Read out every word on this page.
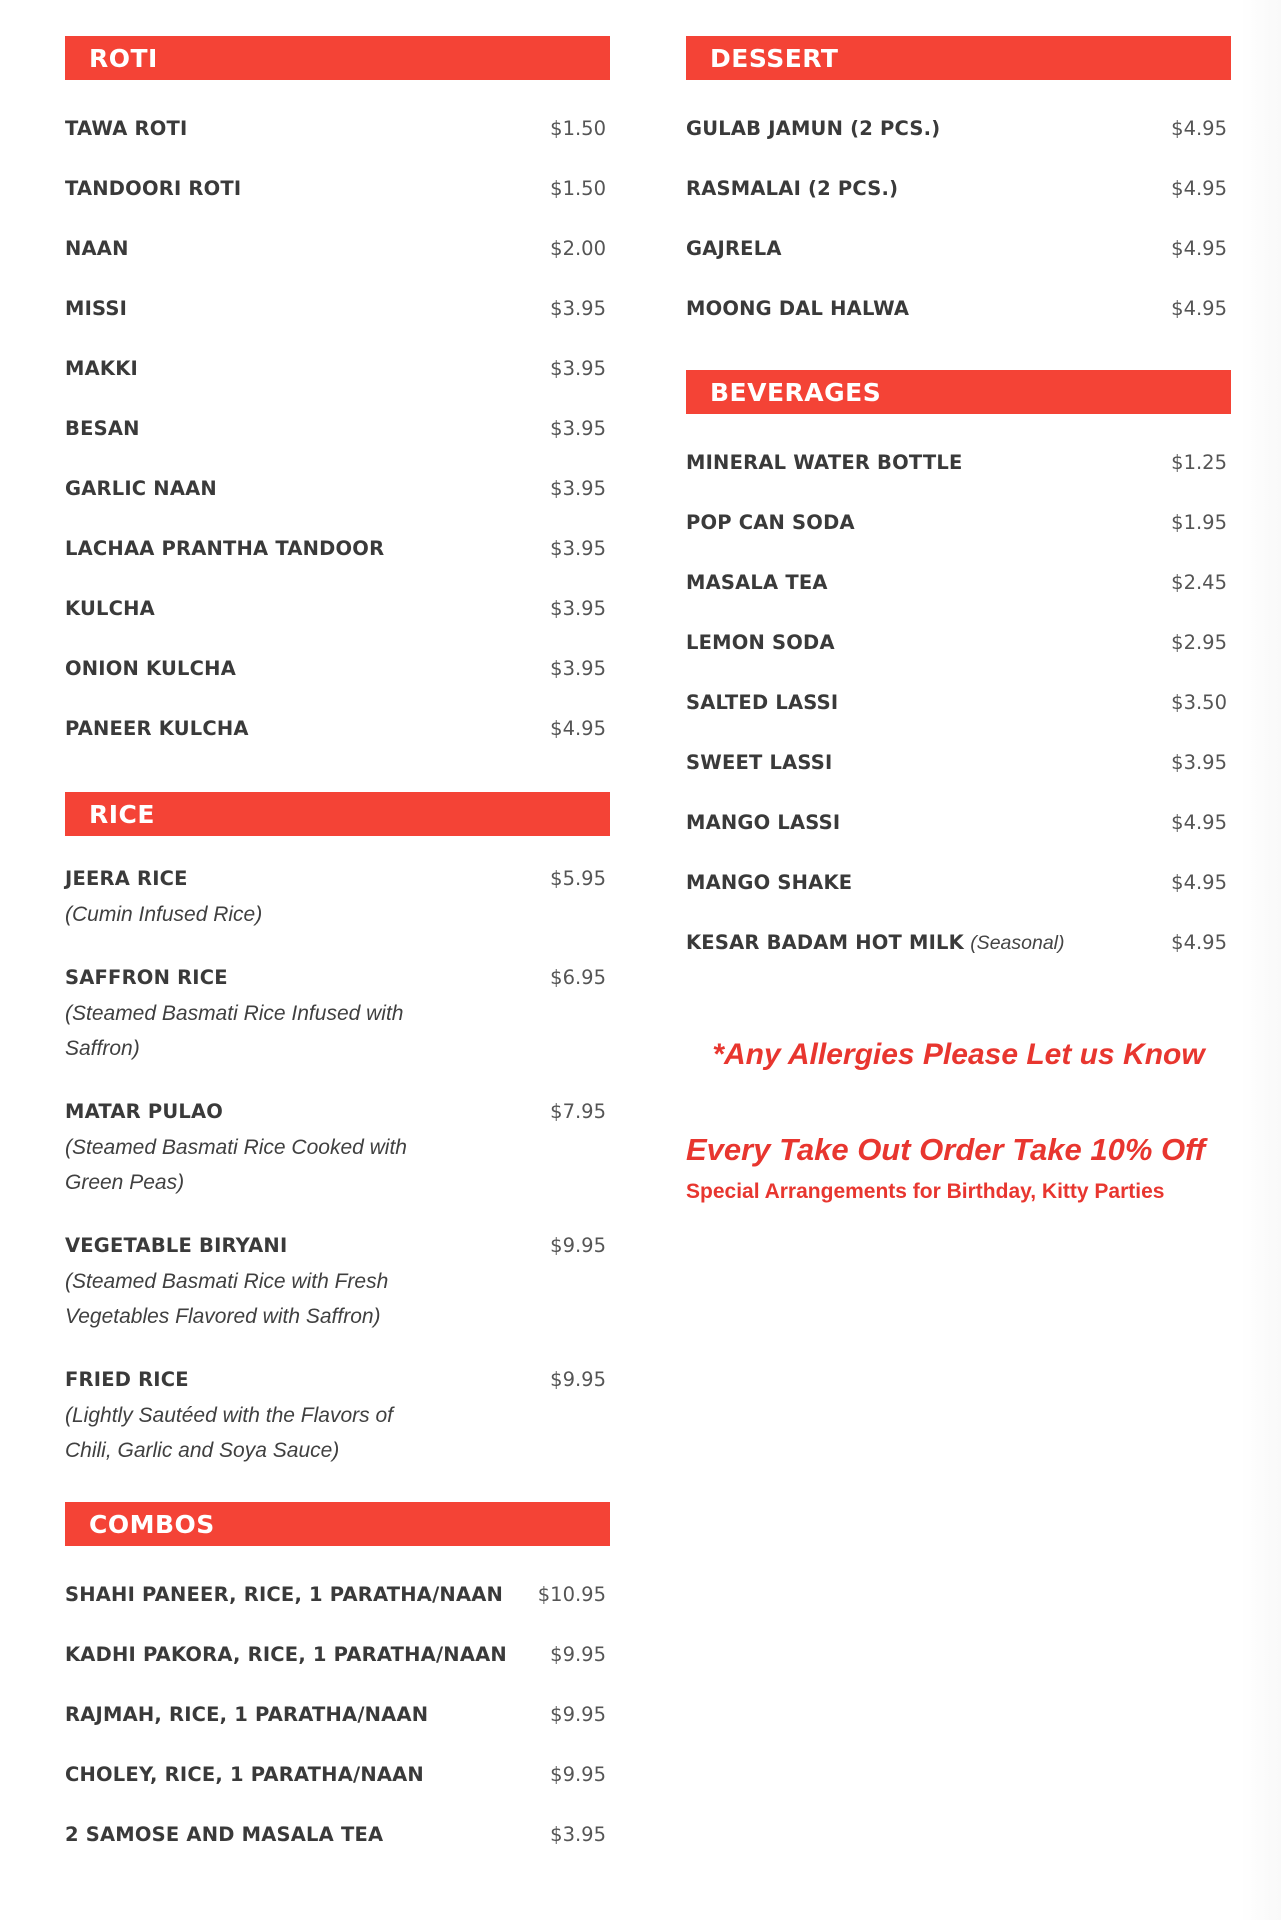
ROTI
TAWA ROTI	$1.50
TANDOORI ROTI	$1.50
NAAN	$2.00
MISSI	$3.95
MAKKI	$3.95
BESAN	$3.95
GARLIC NAAN	$3.95
LACHAA PRANTHA TANDOOR	$3.95
KULCHA	$3.95
ONION KULCHA	$3.95
PANEER KULCHA	$4.95
RICE
JEERA RICE	$5.95
(Cumin Infused Rice)
SAFFRON RICE	$6.95
(Steamed Basmati Rice Infused with Saffron)
MATAR PULAO	$7.95
(Steamed Basmati Rice Cooked with Green Peas)
VEGETABLE BIRYANI	$9.95
(Steamed Basmati Rice with Fresh Vegetables Flavored with Saffron)
FRIED RICE	$9.95
(Lightly Sautéed with the Flavors of Chili, Garlic and Soya Sauce)
COMBOS
SHAHI PANEER, RICE, 1 PARATHA/NAAN $10.95
KADHI PAKORA, RICE, 1 PARATHA/NAAN $9.95
RAJMAH, RICE, 1 PARATHA/NAAN	$9.95
CHOLEY, RICE, 1 PARATHA/NAAN	$9.95
2 SAMOSE AND MASALA TEA	$3.95
DESSERT
GULAB JAMUN (2 PCS.)	$4.95
RASMALAI (2 PCS.)	$4.95
GAJRELA	$4.95
MOONG DAL HALWA	$4.95
BEVERAGES
MINERAL WATER BOTTLE	$1.25
POP CAN SODA	$1.95
MASALA TEA	$2.45
LEMON SODA	$2.95
SALTED LASSI	$3.50
SWEET LASSI	$3.95
MANGO LASSI	$4.95
MANGO SHAKE	$4.95
KESAR BADAM HOT MILK (Seasonal)	$4.95
*Any Allergies Please Let us Know
Every Take Out Order Take 10% Off
Special Arrangements for Birthday, Kitty Parties
